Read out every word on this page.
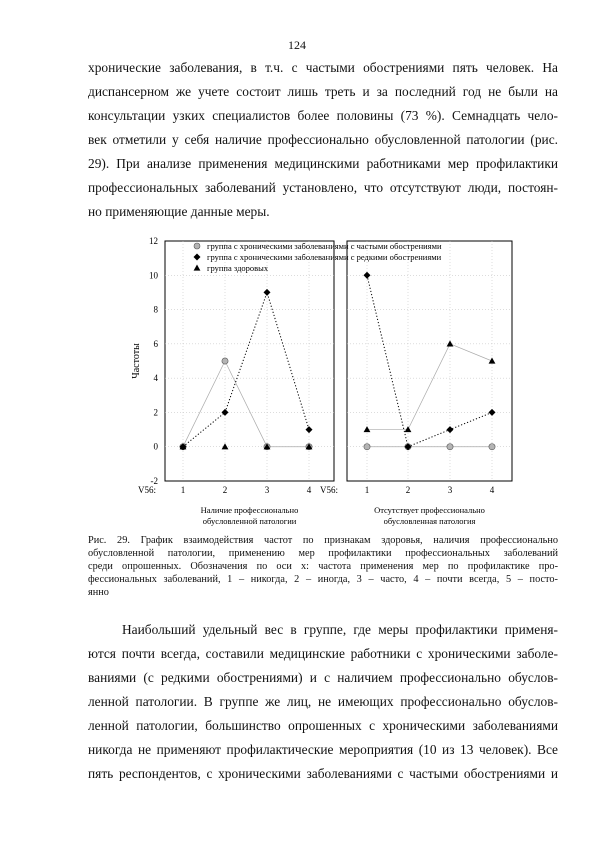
124
хронические заболевания, в т.ч. с частыми обострениями пять человек. На
диспансерном же учете состоит лишь треть и за последний год не были на
консультации узких специалистов более половины (73 %). Семнадцать чело-
век отметили у себя наличие профессионально обусловленной патологии (рис.
29). При анализе применения медицинскими работниками мер профилактики
профессиональных заболеваний установлено, что отсутствуют люди, постоян-
но применяющие данные меры.
Частоты
-2
0
2
4
6
8
10
12
V56:	1	2	3	4
Наличие профессионально
обусловленной патологии
V56:	1	2	3	4
Отсутствует профессионально
обусловленная патология
группа с хроническими заболеваниями с частыми обострениями
группа с хроническими заболеваниями с редкими обострениями
группа здоровых
Рис. 29. График взаимодействия частот по признакам здоровья, наличия профессионально
обусловленной патологии, применению мер профилактики профессиональных заболеваний
среди опрошенных. Обозначения по оси х: частота применения мер по профилактике про-
фессиональных заболеваний, 1 – никогда, 2 – иногда, 3 – часто, 4 – почти всегда, 5 – посто-
янно
Наибольший удельный вес в группе, где меры профилактики применя-
ются почти всегда, составили медицинские работники с хроническими заболе-
ваниями (с редкими обострениями) и с наличием профессионально обуслов-
ленной патологии. В группе же лиц, не имеющих профессионально обуслов-
ленной патологии, большинство опрошенных с хроническими заболеваниями
никогда не применяют профилактические мероприятия (10 из 13 человек). Все
пять респондентов, с хроническими заболеваниями с частыми обострениями и
